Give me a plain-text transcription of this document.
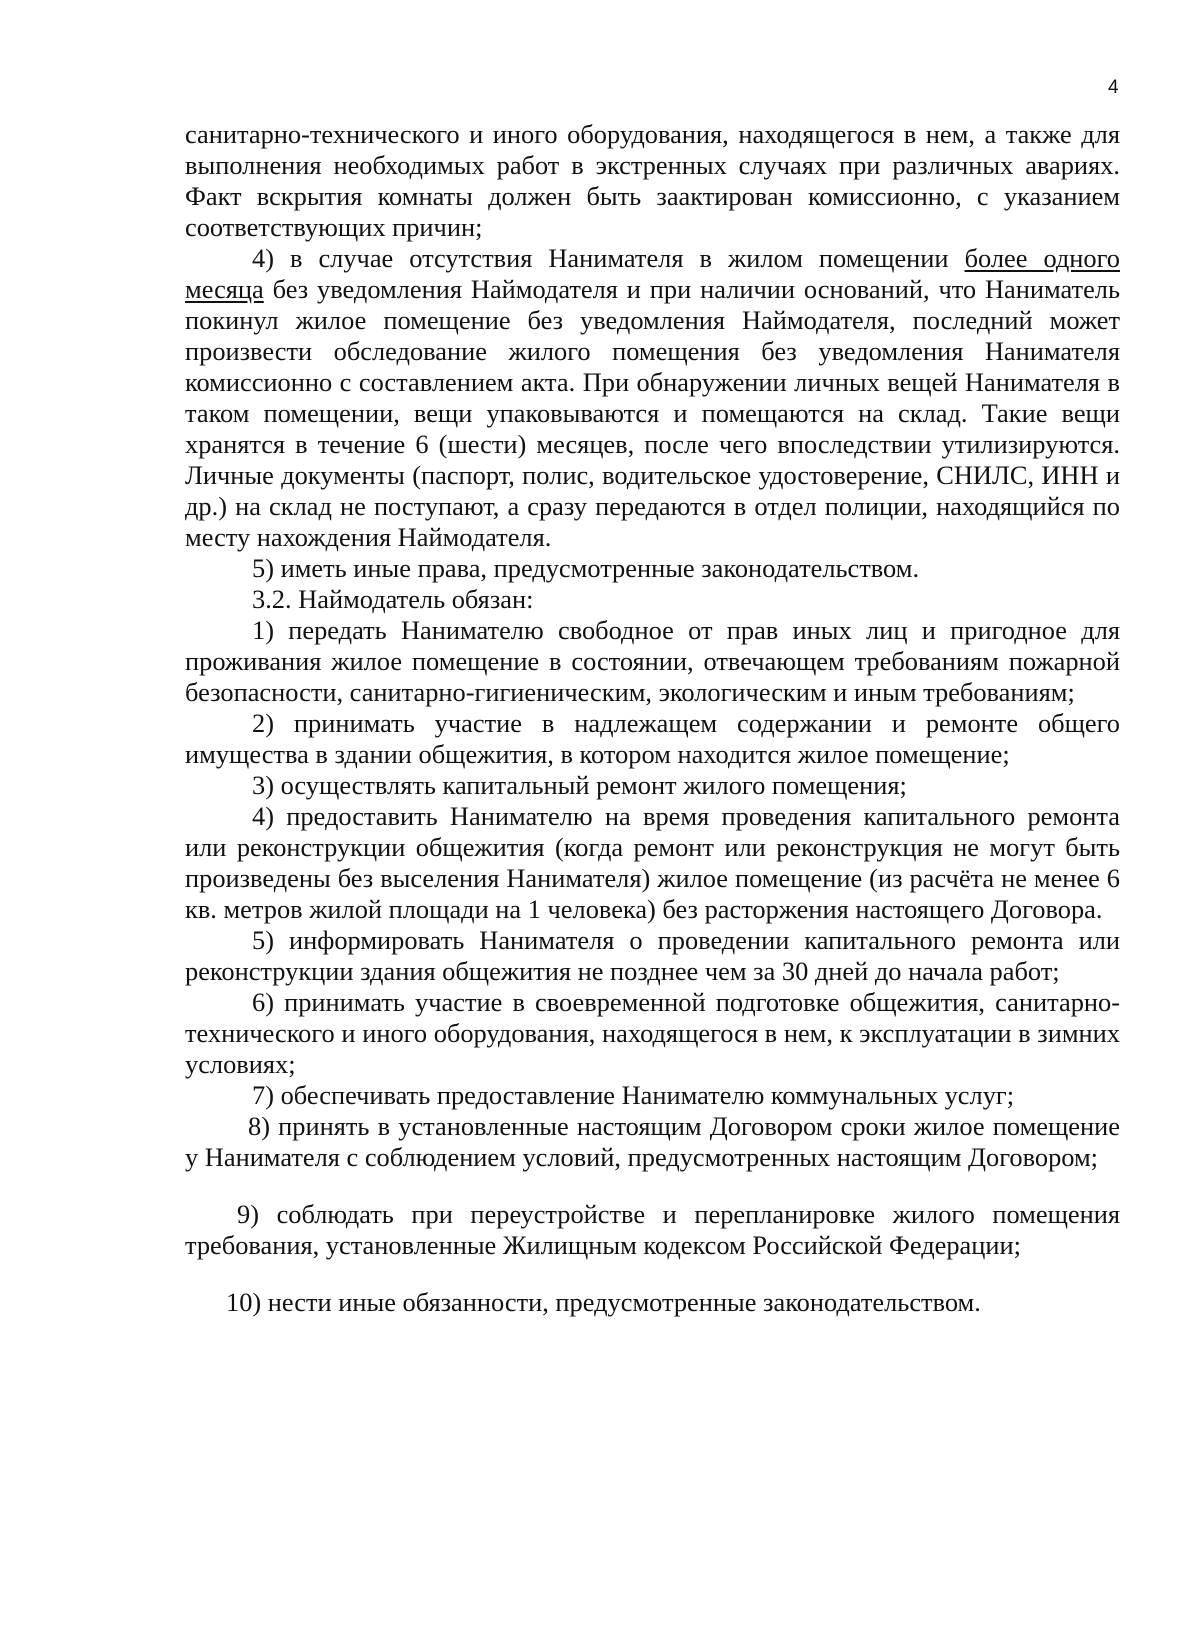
4

санитарно-технического и иного оборудования, находящегося в нем, а также для выполнения необходимых работ в экстренных случаях при различных авариях. Факт вскрытия комнаты должен быть заактирован комиссионно, с указанием соответствующих причин;

4) в случае отсутствия Нанимателя в жилом помещении более одного месяца без уведомления Наймодателя и при наличии оснований, что Наниматель покинул жилое помещение без уведомления Наймодателя, последний может произвести обследование жилого помещения без уведомления Нанимателя комиссионно с составлением акта. При обнаружении личных вещей Нанимателя в таком помещении, вещи упаковываются и помещаются на склад. Такие вещи хранятся в течение 6 (шести) месяцев, после чего впоследствии утилизируются. Личные документы (паспорт, полис, водительское удостоверение, СНИЛС, ИНН и др.) на склад не поступают, а сразу передаются в отдел полиции, находящийся по месту нахождения Наймодателя.

5) иметь иные права, предусмотренные законодательством.

3.2. Наймодатель обязан:

1) передать Нанимателю свободное от прав иных лиц и пригодное для проживания жилое помещение в состоянии, отвечающем требованиям пожарной безопасности, санитарно-гигиеническим, экологическим и иным требованиям;

2) принимать участие в надлежащем содержании и ремонте общего имущества в здании общежития, в котором находится жилое помещение;

3) осуществлять капитальный ремонт жилого помещения;

4) предоставить Нанимателю на время проведения капитального ремонта или реконструкции общежития (когда ремонт или реконструкция не могут быть произведены без выселения Нанимателя) жилое помещение (из расчёта не менее 6 кв. метров жилой площади на 1 человека) без расторжения настоящего Договора.

5) информировать Нанимателя о проведении капитального ремонта или реконструкции здания общежития не позднее чем за 30 дней до начала работ;

6) принимать участие в своевременной подготовке общежития, санитарно-технического и иного оборудования, находящегося в нем, к эксплуатации в зимних условиях;

7) обеспечивать предоставление Нанимателю коммунальных услуг;

8) принять в установленные настоящим Договором сроки жилое помещение у Нанимателя с соблюдением условий, предусмотренных настоящим Договором;

9) соблюдать при переустройстве и перепланировке жилого помещения требования, установленные Жилищным кодексом Российской Федерации;

10) нести иные обязанности, предусмотренные законодательством.
